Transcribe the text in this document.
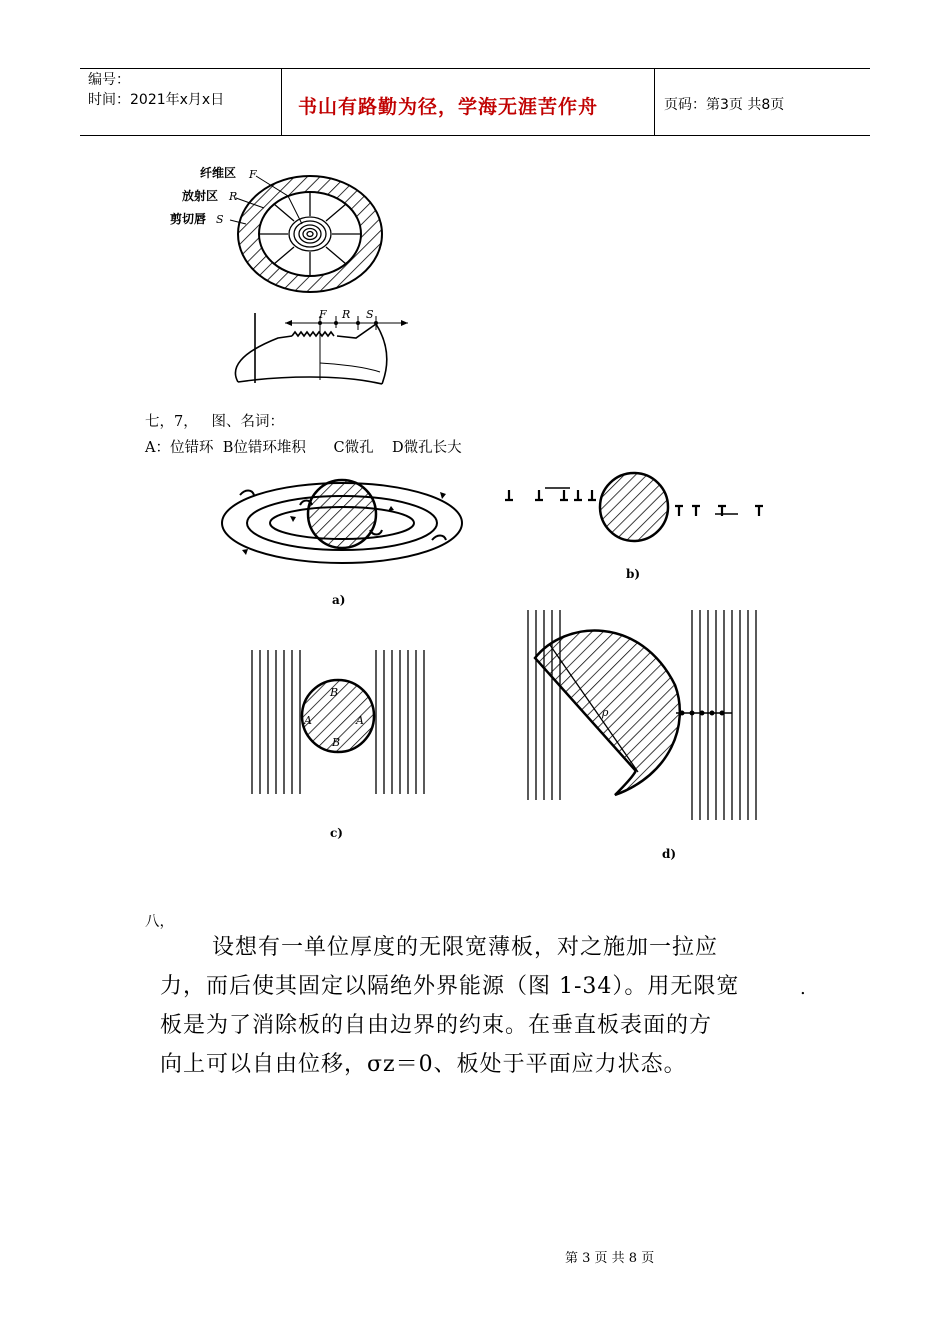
编号：
时间：2021年x月x日	书山有路勤为径，学海无涯苦作舟	页码：第3页 共8页
纤维区 F
放射区 R
剪切唇 S
F R S
七，7，   图、名词：
A：位错环  B位错环堆积      C微孔    D微孔长大
a)
b)
B
B
A	A
c)
ρ
d)
八，
设想有一单位厚度的无限宽薄板，对之施加一拉应
力，而后使其固定以隔绝外界能源（图 1-34）。用无限宽
板是为了消除板的自由边界的约束。在垂直板表面的方
向上可以自由位移，σz＝0、板处于平面应力状态。
.
第 3 页 共 8 页
